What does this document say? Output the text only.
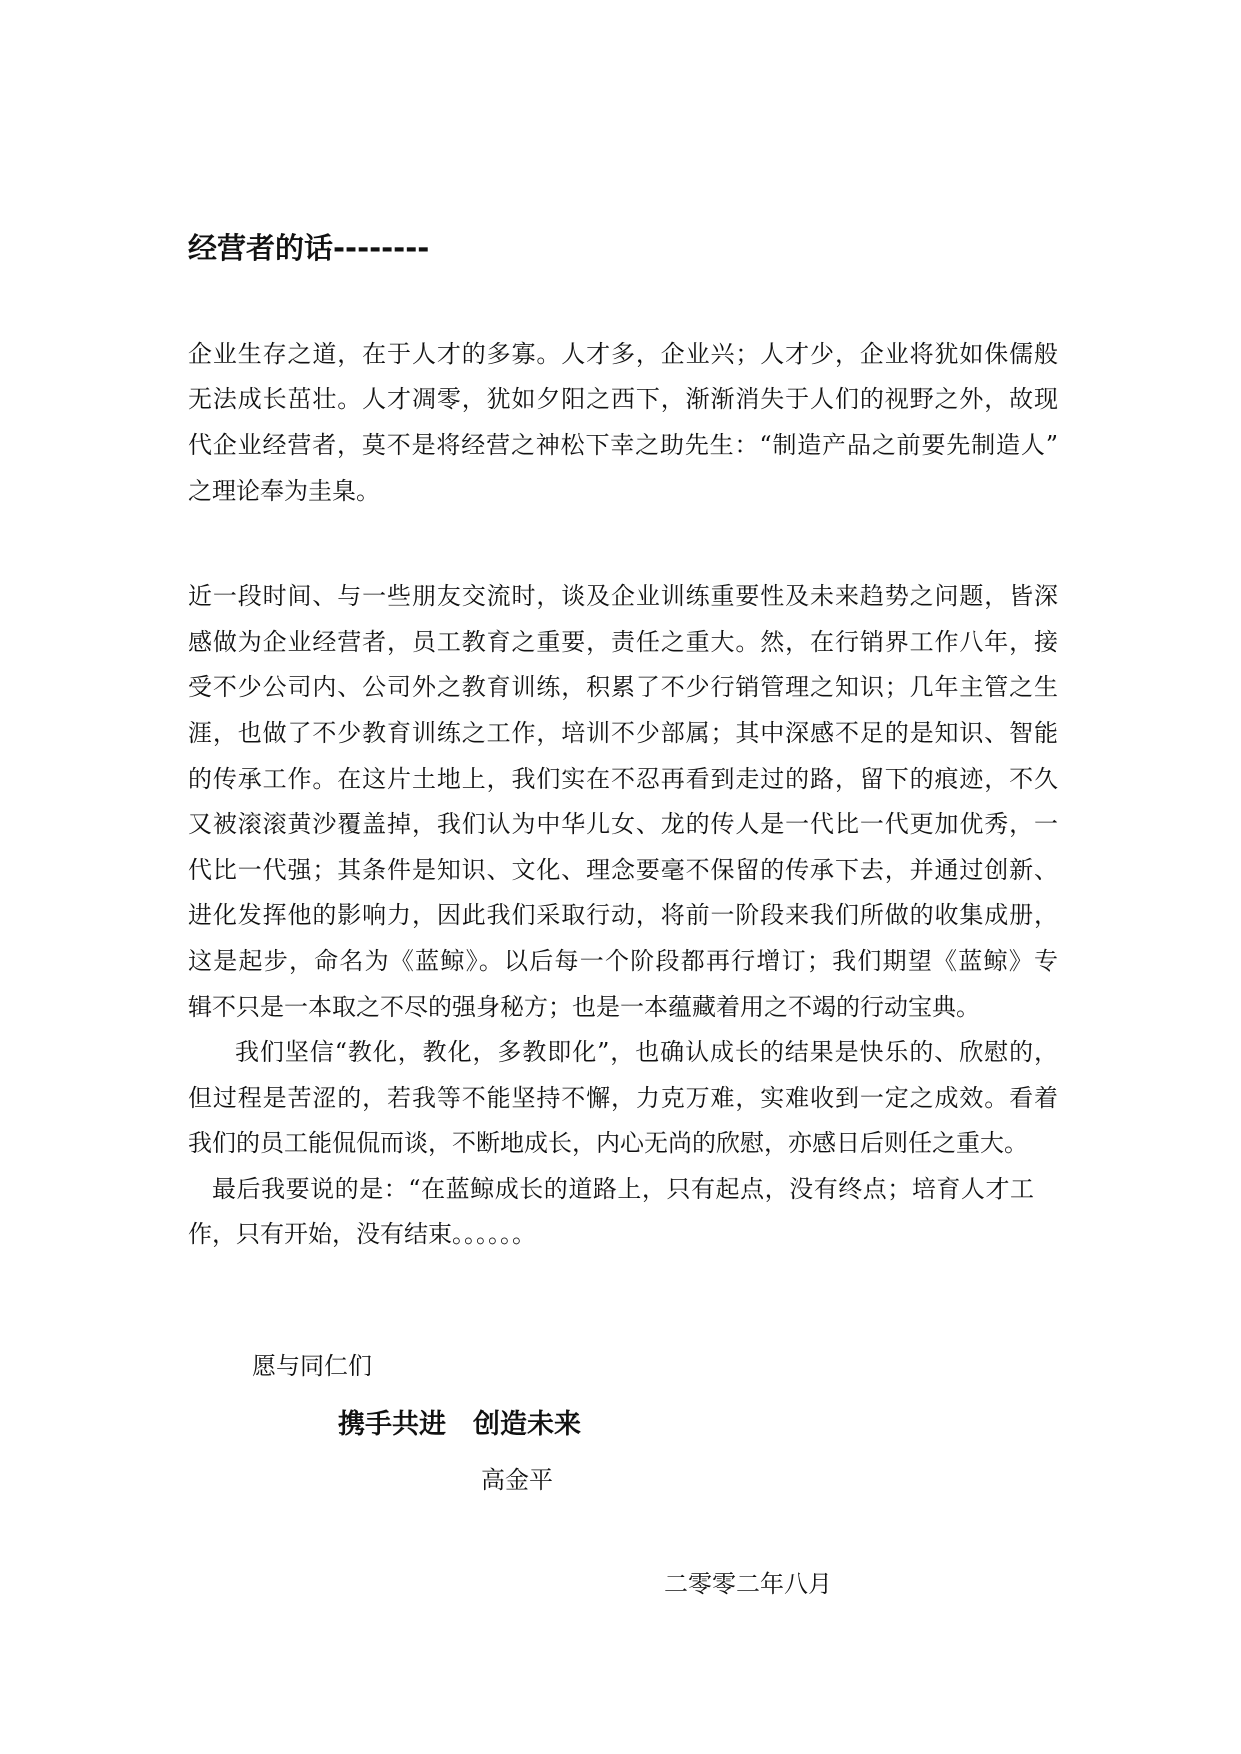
经营者的话--------
企业生存之道，在于人才的多寡。人才多，企业兴；人才少，企业将犹如侏儒般
无法成长茁壮。人才凋零，犹如夕阳之西下，渐渐消失于人们的视野之外，故现
代企业经营者，莫不是将经营之神松下幸之助先生：“制造产品之前要先制造人”
之理论奉为圭臬。
近一段时间、与一些朋友交流时，谈及企业训练重要性及未来趋势之问题，皆深
感做为企业经营者，员工教育之重要，责任之重大。然，在行销界工作八年，接
受不少公司内、公司外之教育训练，积累了不少行销管理之知识；几年主管之生
涯，也做了不少教育训练之工作，培训不少部属；其中深感不足的是知识、智能
的传承工作。在这片土地上，我们实在不忍再看到走过的路，留下的痕迹，不久
又被滚滚黄沙覆盖掉，我们认为中华儿女、龙的传人是一代比一代更加优秀，一
代比一代强；其条件是知识、文化、理念要毫不保留的传承下去，并通过创新、
进化发挥他的影响力，因此我们采取行动，将前一阶段来我们所做的收集成册，
这是起步，命名为《蓝鲸》。以后每一个阶段都再行增订；我们期望《蓝鲸》专
辑不只是一本取之不尽的强身秘方；也是一本蕴藏着用之不竭的行动宝典。
我们坚信“教化，教化，多教即化”，也确认成长的结果是快乐的、欣慰的，
但过程是苦涩的，若我等不能坚持不懈，力克万难，实难收到一定之成效。看着
我们的员工能侃侃而谈，不断地成长，内心无尚的欣慰，亦感日后则任之重大。
最后我要说的是：“在蓝鲸成长的道路上，只有起点，没有终点；培育人才工
作，只有开始，没有结束。。。。。。
愿与同仁们
携手共进　创造未来
高金平
二零零二年八月
